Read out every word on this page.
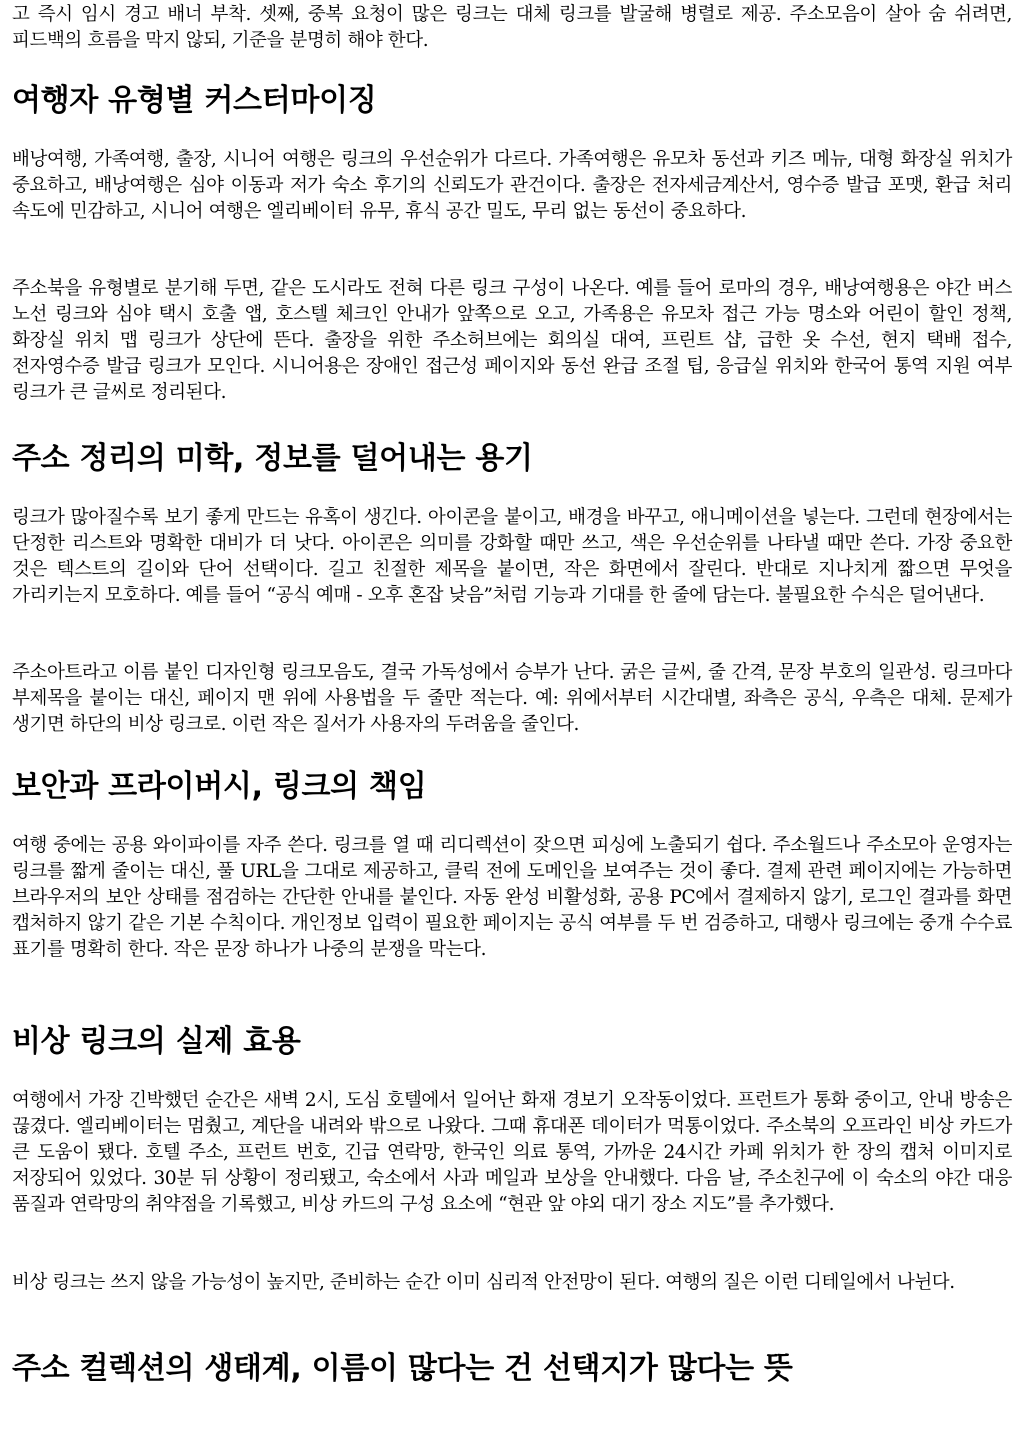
고 즉시 임시 경고 배너 부착. 셋째, 중복 요청이 많은 링크는 대체 링크를 발굴해 병렬로 제공. 주소모음이 살아 숨 쉬려면, 피드백의 흐름을 막지 않되, 기준을 분명히 해야 한다.

여행자 유형별 커스터마이징

배낭여행, 가족여행, 출장, 시니어 여행은 링크의 우선순위가 다르다. 가족여행은 유모차 동선과 키즈 메뉴, 대형 화장실 위치가 중요하고, 배낭여행은 심야 이동과 저가 숙소 후기의 신뢰도가 관건이다. 출장은 전자세금계산서, 영수증 발급 포맷, 환급 처리 속도에 민감하고, 시니어 여행은 엘리베이터 유무, 휴식 공간 밀도, 무리 없는 동선이 중요하다.

주소북을 유형별로 분기해 두면, 같은 도시라도 전혀 다른 링크 구성이 나온다. 예를 들어 로마의 경우, 배낭여행용은 야간 버스 노선 링크와 심야 택시 호출 앱, 호스텔 체크인 안내가 앞쪽으로 오고, 가족용은 유모차 접근 가능 명소와 어린이 할인 정책, 화장실 위치 맵 링크가 상단에 뜬다. 출장을 위한 주소허브에는 회의실 대여, 프린트 샵, 급한 옷 수선, 현지 택배 접수, 전자영수증 발급 링크가 모인다. 시니어용은 장애인 접근성 페이지와 동선 완급 조절 팁, 응급실 위치와 한국어 통역 지원 여부 링크가 큰 글씨로 정리된다.

주소 정리의 미학, 정보를 덜어내는 용기

링크가 많아질수록 보기 좋게 만드는 유혹이 생긴다. 아이콘을 붙이고, 배경을 바꾸고, 애니메이션을 넣는다. 그런데 현장에서는 단정한 리스트와 명확한 대비가 더 낫다. 아이콘은 의미를 강화할 때만 쓰고, 색은 우선순위를 나타낼 때만 쓴다. 가장 중요한 것은 텍스트의 길이와 단어 선택이다. 길고 친절한 제목을 붙이면, 작은 화면에서 잘린다. 반대로 지나치게 짧으면 무엇을 가리키는지 모호하다. 예를 들어 “공식 예매 - 오후 혼잡 낮음”처럼 기능과 기대를 한 줄에 담는다. 불필요한 수식은 덜어낸다.

주소아트라고 이름 붙인 디자인형 링크모음도, 결국 가독성에서 승부가 난다. 굵은 글씨, 줄 간격, 문장 부호의 일관성. 링크마다 부제목을 붙이는 대신, 페이지 맨 위에 사용법을 두 줄만 적는다. 예: 위에서부터 시간대별, 좌측은 공식, 우측은 대체. 문제가 생기면 하단의 비상 링크로. 이런 작은 질서가 사용자의 두려움을 줄인다.

보안과 프라이버시, 링크의 책임

여행 중에는 공용 와이파이를 자주 쓴다. 링크를 열 때 리디렉션이 잦으면 피싱에 노출되기 쉽다. 주소월드나 주소모아 운영자는 링크를 짧게 줄이는 대신, 풀 URL을 그대로 제공하고, 클릭 전에 도메인을 보여주는 것이 좋다. 결제 관련 페이지에는 가능하면 브라우저의 보안 상태를 점검하는 간단한 안내를 붙인다. 자동 완성 비활성화, 공용 PC에서 결제하지 않기, 로그인 결과를 화면 캡처하지 않기 같은 기본 수칙이다. 개인정보 입력이 필요한 페이지는 공식 여부를 두 번 검증하고, 대행사 링크에는 중개 수수료 표기를 명확히 한다. 작은 문장 하나가 나중의 분쟁을 막는다.

비상 링크의 실제 효용

여행에서 가장 긴박했던 순간은 새벽 2시, 도심 호텔에서 일어난 화재 경보기 오작동이었다. 프런트가 통화 중이고, 안내 방송은 끊겼다. 엘리베이터는 멈췄고, 계단을 내려와 밖으로 나왔다. 그때 휴대폰 데이터가 먹통이었다. 주소북의 오프라인 비상 카드가 큰 도움이 됐다. 호텔 주소, 프런트 번호, 긴급 연락망, 한국인 의료 통역, 가까운 24시간 카페 위치가 한 장의 캡처 이미지로 저장되어 있었다. 30분 뒤 상황이 정리됐고, 숙소에서 사과 메일과 보상을 안내했다. 다음 날, 주소친구에 이 숙소의 야간 대응 품질과 연락망의 취약점을 기록했고, 비상 카드의 구성 요소에 “현관 앞 야외 대기 장소 지도”를 추가했다.

비상 링크는 쓰지 않을 가능성이 높지만, 준비하는 순간 이미 심리적 안전망이 된다. 여행의 질은 이런 디테일에서 나뉜다.

주소 컬렉션의 생태계, 이름이 많다는 건 선택지가 많다는 뜻
